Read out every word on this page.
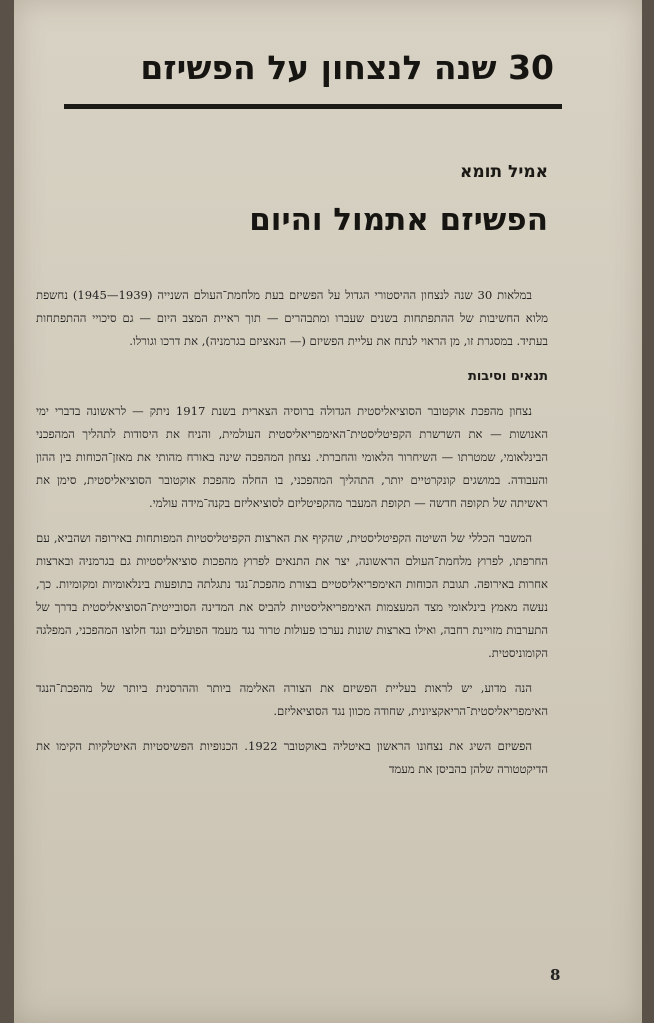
30 שנה לנצחון על הפשיזם
אמיל תומא
הפשיזם אתמול והיום

במלאות 30 שנה לנצחון ההיסטורי הגדול על הפשיזם בעת מלחמת־העולם השנייה (1939—1945) נחשפת מלוא החשיבות של ההתפתחות בשנים שעברו ומתבהרים — תוך ראיית המצב היום — גם סיכויי ההתפתחות בעתיד. במסגרת זו, מן הראוי לנתח את עליית הפשיזם (— הנאציזם בגרמניה), את דרכו וגורלו.

תנאים וסיבות

נצחון מהפכת אוקטובר הסוציאליסטית הגדולה ברוסיה הצארית בשנת 1917 ניתק — לראשונה בדברי ימי האנושות — את השרשרת הקפיטליסטית־האימפריאליסטית העולמית, והניח את היסודות לתהליך המהפכני הבינלאומי, שמטרתו — השיחרור הלאומי והחברתי. נצחון המהפכה שינה באורח מהותי את מאזן־הכוחות בין ההון והעבודה. במושגים קונקרטיים יותר, התהליך המהפכני, בו החלה מהפכת אוקטובר הסוציאליסטית, סימן את ראשיתה של תקופה חדשה — תקופת המעבר מהקפיטליזם לסוציאליזם בקנה־מידה עולמי.

המשבר הכללי של השיטה הקפיטליסטית, שהקיף את הארצות הקפיטליסטיות המפותחות באירופה ושהביא, עם החרפתו, לפרוץ מלחמת־העולם הראשונה, יצר את התנאים לפרוץ מהפכות סוציאליסטיות גם בגרמניה ובארצות אחרות באירופה. תגובת הכוחות האימפריאליסטיים בצורת מהפכת־נגד נתגלתה בתופעות בינלאומיות ומקומיות. כך, נעשה מאמץ בינלאומי מצד המעצמות האימפריאליסטיות להביס את המדינה הסובייטית־הסוציאליסטית בדרך של התערבות מזויינת רחבה, ואילו בארצות שונות נערכו פעולות טרור נגד מעמד הפועלים ונגד חלוצו המהפכני, המפלגה הקומוניסטית.

הנה מדוע, יש לראות בעליית הפשיזם את הצורה האלימה ביותר וההרסנית ביותר של מהפכת־הנגד האימפריאליסטית־הריאקציונית, שחודה מכוון נגד הסוציאליזם.

הפשיזם השיג את נצחונו הראשון באיטליה באוקטובר 1922. הכנופיות הפשיסטיות האיטלקיות הקימו את הדיקטטורה שלהן בהביסן את מעמד

8
